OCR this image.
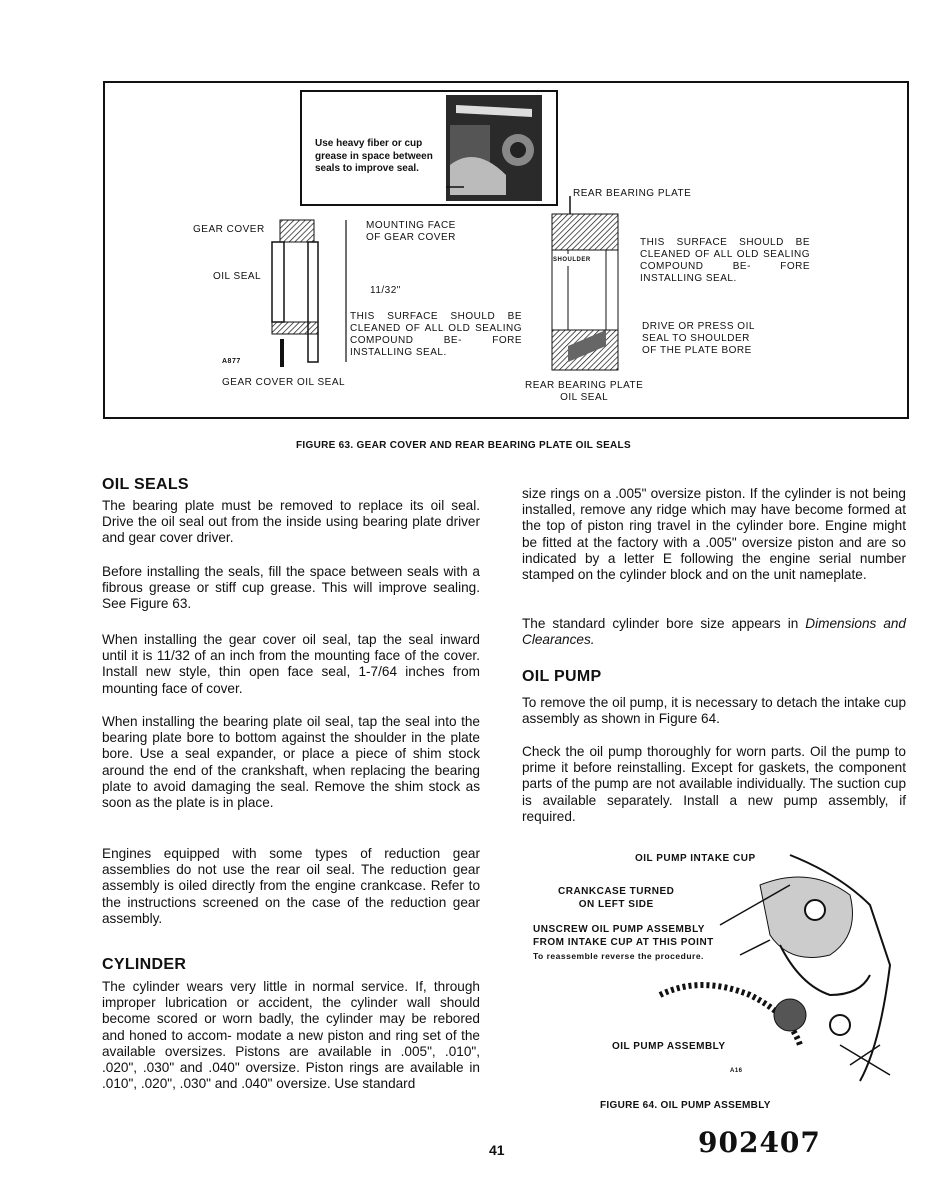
Use heavy fiber or cup grease in space between seals to improve seal.
GEAR COVER
OIL SEAL
MOUNTING FACE
OF GEAR COVER
11/32"
THIS SURFACE SHOULD BE CLEANED OF ALL OLD SEALING COMPOUND BE- FORE INSTALLING SEAL.
A877
GEAR COVER OIL SEAL
REAR BEARING PLATE
SHOULDER
THIS SURFACE SHOULD BE CLEANED OF ALL OLD SEALING COMPOUND BE- FORE INSTALLING SEAL.
DRIVE OR PRESS OIL
SEAL TO SHOULDER
OF THE PLATE BORE
REAR BEARING PLATE
OIL SEAL
FIGURE 63. GEAR COVER AND REAR BEARING PLATE OIL SEALS
OIL SEALS

The bearing plate must be removed to replace its oil seal. Drive the oil seal out from the inside using bearing plate driver and gear cover driver.

Before installing the seals, fill the space between seals with a fibrous grease or stiff cup grease. This will improve sealing. See Figure 63.

When installing the gear cover oil seal, tap the seal inward until it is 11/32 of an inch from the mounting face of the cover. Install new style, thin open face seal, 1-7/64 inches from mounting face of cover.

When installing the bearing plate oil seal, tap the seal into the bearing plate bore to bottom against the shoulder in the plate bore. Use a seal expander, or place a piece of shim stock around the end of the crankshaft, when replacing the bearing plate to avoid damaging the seal. Remove the shim stock as soon as the plate is in place.

Engines equipped with some types of reduction gear assemblies do not use the rear oil seal. The reduction gear assembly is oiled directly from the engine crankcase. Refer to the instructions screened on the case of the reduction gear assembly.

CYLINDER

The cylinder wears very little in normal service. If, through improper lubrication or accident, the cylinder wall should become scored or worn badly, the cylinder may be rebored and honed to accom- modate a new piston and ring set of the available oversizes. Pistons are available in .005", .010", .020", .030" and .040" oversize. Piston rings are available in .010", .020", .030" and .040" oversize. Use standard

size rings on a .005" oversize piston. If the cylinder is not being installed, remove any ridge which may have become formed at the top of piston ring travel in the cylinder bore. Engine might be fitted at the factory with a .005" oversize piston and are so indicated by a letter E following the engine serial number stamped on the cylinder block and on the unit nameplate.

The standard cylinder bore size appears in Dimensions and Clearances.

OIL PUMP

To remove the oil pump, it is necessary to detach the intake cup assembly as shown in Figure 64.

Check the oil pump thoroughly for worn parts. Oil the pump to prime it before reinstalling. Except for gaskets, the component parts of the pump are not available individually. The suction cup is available separately. Install a new pump assembly, if required.

OIL PUMP INTAKE CUP
CRANKCASE TURNED
ON LEFT SIDE
UNSCREW OIL PUMP ASSEMBLY
FROM INTAKE CUP AT THIS POINT
To reassemble reverse the procedure.
OIL PUMP ASSEMBLY
A16
FIGURE 64. OIL PUMP ASSEMBLY
41	902407
